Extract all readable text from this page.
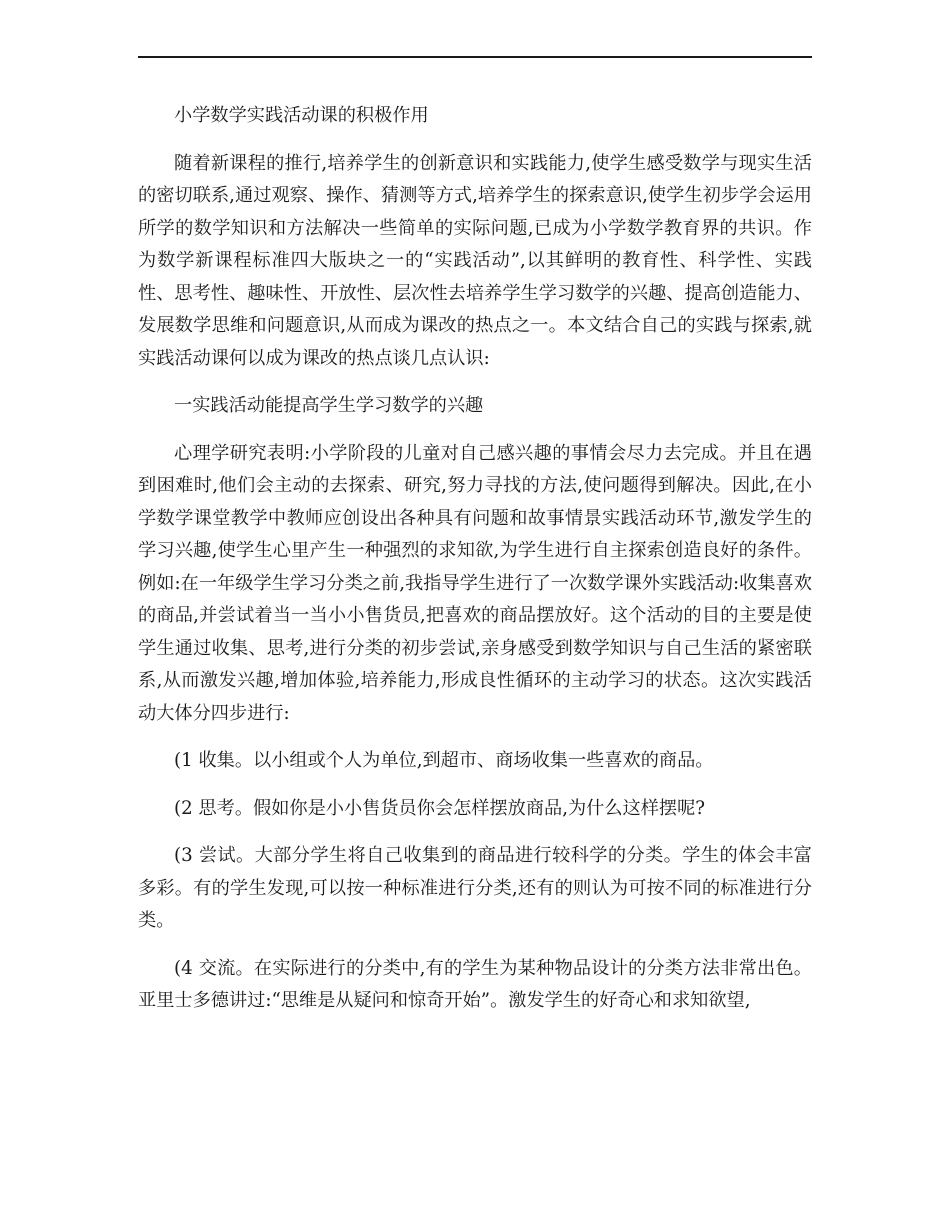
小学数学实践活动课的积极作用

随着新课程的推行,培养学生的创新意识和实践能力,使学生感受数学与现实生活的密切联系,通过观察、操作、猜测等方式,培养学生的探索意识,使学生初步学会运用所学的数学知识和方法解决一些简单的实际问题,已成为小学数学教育界的共识。作为数学新课程标准四大版块之一的“实践活动”,以其鲜明的教育性、科学性、实践性、思考性、趣味性、开放性、层次性去培养学生学习数学的兴趣、提高创造能力、发展数学思维和问题意识,从而成为课改的热点之一。本文结合自己的实践与探索,就实践活动课何以成为课改的热点谈几点认识:

一实践活动能提高学生学习数学的兴趣

心理学研究表明:小学阶段的儿童对自己感兴趣的事情会尽力去完成。并且在遇到困难时,他们会主动的去探索、研究,努力寻找的方法,使问题得到解决。因此,在小学数学课堂教学中教师应创设出各种具有问题和故事情景实践活动环节,激发学生的学习兴趣,使学生心里产生一种强烈的求知欲,为学生进行自主探索创造良好的条件。例如:在一年级学生学习分类之前,我指导学生进行了一次数学课外实践活动:收集喜欢的商品,并尝试着当一当小小售货员,把喜欢的商品摆放好。这个活动的目的主要是使学生通过收集、思考,进行分类的初步尝试,亲身感受到数学知识与自己生活的紧密联系,从而激发兴趣,增加体验,培养能力,形成良性循环的主动学习的状态。这次实践活动大体分四步进行:

(1 收集。以小组或个人为单位,到超市、商场收集一些喜欢的商品。

(2 思考。假如你是小小售货员你会怎样摆放商品,为什么这样摆呢?

(3 尝试。大部分学生将自己收集到的商品进行较科学的分类。学生的体会丰富多彩。有的学生发现,可以按一种标准进行分类,还有的则认为可按不同的标准进行分类。

(4 交流。在实际进行的分类中,有的学生为某种物品设计的分类方法非常出色。亚里士多德讲过:“思维是从疑问和惊奇开始”。激发学生的好奇心和求知欲望,
